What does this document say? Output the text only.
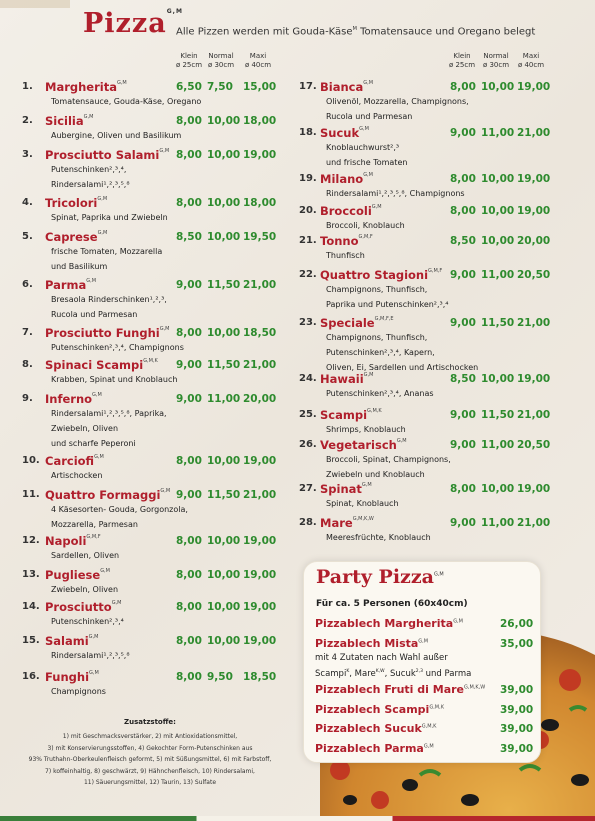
Pizza$^{G,M}$
Alle Pizzen werden mit Gouda-Käse$^M$ Tomatensauce und Oregano belegt
Klein
ø 25cm
Normal
ø 30cm
Maxi
ø 40cm
Klein
ø 25cm
Normal
ø 30cm
Maxi
ø 40cm
1. Margherita$^{G,M}$	6,50 7,50 15,00
Tomatensauce, Gouda-Käse, Oregano
2. Sicilia$^{G,M}$	8,00 10,00 18,00
Aubergine, Oliven und Basilikum
3. Prosciutto Salami$^{G,M}$ 8,00 10,00 19,00
Putenschinken²,³,⁴,
Rindersalami¹,²,³,⁵,⁸
4. Tricolori$^{G,M}$	8,00 10,00 18,00
Spinat, Paprika und Zwiebeln
5. Caprese$^{G,M}$	8,50 10,00 19,50
frische Tomaten, Mozzarella
und Basilikum
6. Parma$^{G,M}$	9,00 11,50 21,00
Bresaola Rinderschinken¹,²,³,
Rucola und Parmesan
7. Prosciutto Funghi$^{G,M}$ 8,00 10,00 18,50
Putenschinken²,³,⁴, Champignons
8. Spinaci Scampi$^{G,M,K}$ 9,00 11,50 21,00
Krabben, Spinat und Knoblauch
9. Inferno$^{G,M}$	9,00 11,00 20,00
Rindersalami¹,²,³,⁵,⁸, Paprika,
Zwiebeln, Oliven
und scharfe Peperoni
10. Carciofi$^{G,M}$	8,00 10,00 19,00
Artischocken
11. Quattro Formaggi$^{G,M}$ 9,00 11,50 21,00
4 Käsesorten- Gouda, Gorgonzola,
Mozzarella, Parmesan
12. Napoli$^{G,M,F}$	8,00 10,00 19,00
Sardellen, Oliven
13. Pugliese$^{G,M}$	8,00 10,00 19,00
Zwiebeln, Oliven
14. Prosciutto$^{G,M}$	8,00 10,00 19,00
Putenschinken²,³,⁴
15. Salami$^{G,M}$	8,00 10,00 19,00
Rindersalami¹,²,³,⁵,⁸
16. Funghi$^{G,M}$	8,00 9,50 18,50
Champignons
17. Bianca$^{G,M}$	8,00 10,00 19,00
Olivenöl, Mozzarella, Champignons,
Rucola und Parmesan
18. Sucuk$^{G,M}$	9,00 11,00 21,00
Knoblauchwurst²,³
und frische Tomaten
19. Milano$^{G,M}$	8,00 10,00 19,00
Rindersalami¹,²,³,⁵,⁸, Champignons
20. Broccoli$^{G,M}$	8,00 10,00 19,00
Broccoli, Knoblauch
21. Tonno$^{G,M,F}$	8,50 10,00 20,00
Thunfisch
22. Quattro Stagioni$^{G,M,F}$ 9,00 11,00 20,50
Champignons, Thunfisch,
Paprika und Putenschinken²,³,⁴
23. Speciale$^{G,M,F,E}$	9,00 11,50 21,00
Champignons, Thunfisch,
Putenschinken²,³,⁴, Kapern,
Oliven, Ei, Sardellen und Artischocken
24. Hawaii$^{G,M}$	8,50 10,00 19,00
Putenschinken²,³,⁴, Ananas
25. Scampi$^{G,M,K}$	9,00 11,50 21,00
Shrimps, Knoblauch
26. Vegetarisch$^{G,M}$	9,00 11,00 20,50
Broccoli, Spinat, Champignons,
Zwiebeln und Knoblauch
27. Spinat$^{G,M}$	8,00 10,00 19,00
Spinat, Knoblauch
28. Mare$^{G,M,K,W}$	9,00 11,00 21,00
Meeresfrüchte, Knoblauch
Zusatzstoffe:
1) mit Geschmacksverstärker, 2) mit Antioxidationsmittel,
3) mit Konservierungsstoffen, 4) Gekochter Form-Putenschinken aus
93% Truthahn-Oberkeulenfleisch geformt, 5) mit Süßungsmittel, 6) mit Farbstoff,
7) koffeinhaltig, 8) geschwärzt, 9) Hähnchenfleisch, 10) Rindersalami,
11) Säuerungsmittel, 12) Taurin, 13) Sulfate
Party Pizza$^{G,M}$
Für ca. 5 Personen (60x40cm)
Pizzablech Margherita$^{G,M}$	26,00
Pizzablech Mista$^{G,M}$	35,00
mit 4 Zutaten nach Wahl außer
Scampi$^K$, Mare$^{K,W}$, Sucuk$^{2,3}$ und Parma
Pizzablech Fruti di Mare$^{G,M,K,W}$ 39,00
Pizzablech Scampi$^{G,M,K}$	39,00
Pizzablech Sucuk$^{G,M,K}$	39,00
Pizzablech Parma$^{G,M}$	39,00
